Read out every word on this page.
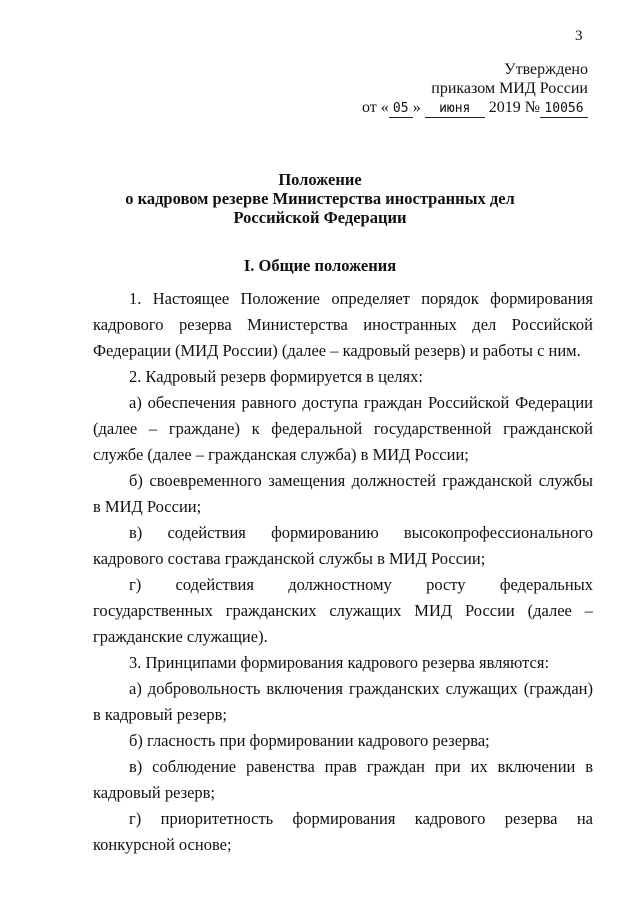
3
Утверждено
приказом МИД России
от « 05 » июня 2019 № 10056
Положение
о кадровом резерве Министерства иностранных дел
Российской Федерации
I. Общие положения

1. Настоящее Положение определяет порядок формирования кадрового резерва Министерства иностранных дел Российской Федерации (МИД России) (далее – кадровый резерв) и работы с ним.

2. Кадровый резерв формируется в целях:

а) обеспечения равного доступа граждан Российской Федерации (далее – граждане) к федеральной государственной гражданской службе (далее – гражданская служба) в МИД России;

б) своевременного замещения должностей гражданской службы в МИД России;

в) содействия формированию высокопрофессионального кадрового состава гражданской службы в МИД России;

г) содействия должностному росту федеральных государственных гражданских служащих МИД России (далее – гражданские служащие).

3. Принципами формирования кадрового резерва являются:

а) добровольность включения гражданских служащих (граждан) в кадровый резерв;

б) гласность при формировании кадрового резерва;

в) соблюдение равенства прав граждан при их включении в кадровый резерв;

г) приоритетность формирования кадрового резерва на конкурсной основе;
